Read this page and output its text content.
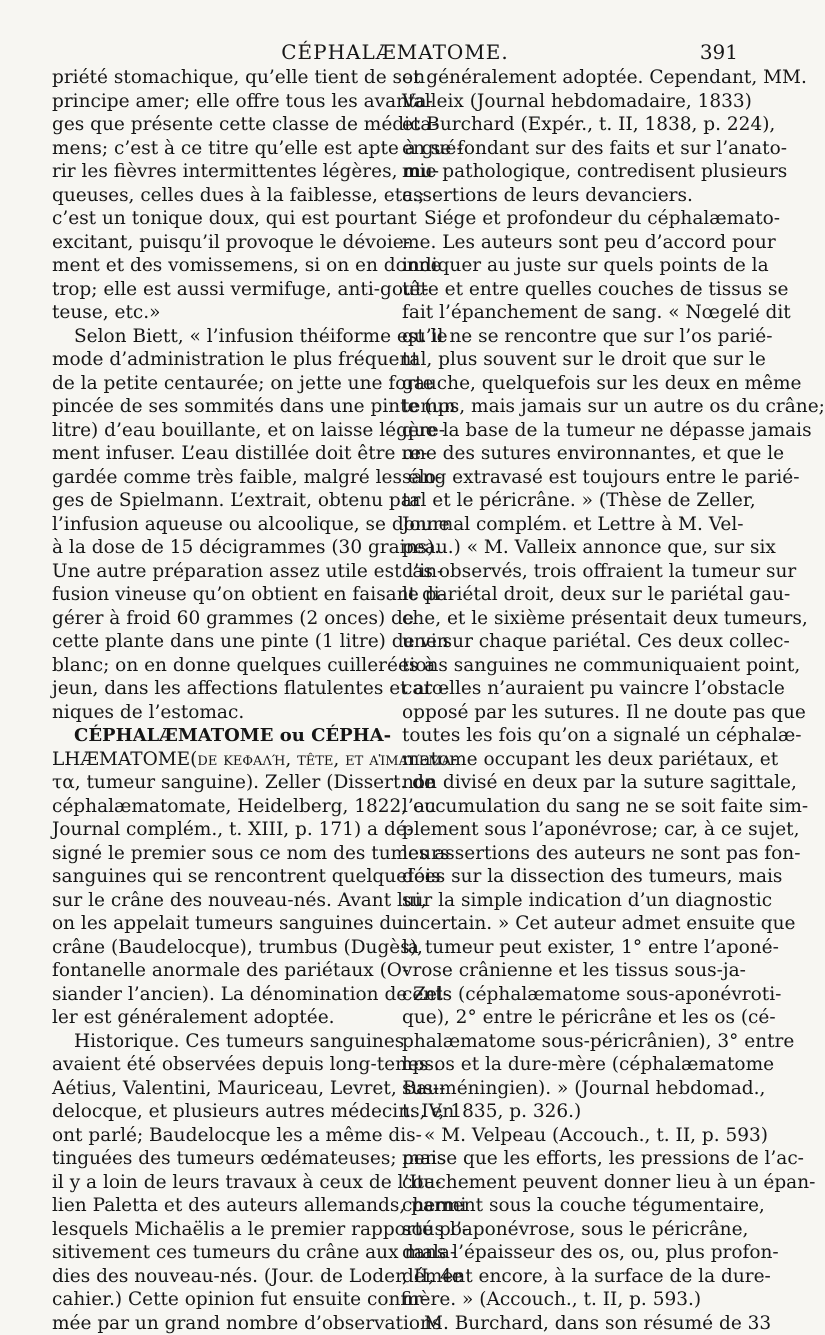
CÉPHALÆMATOME.	391
priété stomachique, qu’elle tient de son
principe amer; elle offre tous les avanta-
ges que présente cette classe de médica-
mens; c’est à ce titre qu’elle est apte à gué-
rir les fièvres intermittentes légères, mu-
queuses, celles dues à la faiblesse, etc.;
c’est un tonique doux, qui est pourtant
excitant, puisqu’il provoque le dévoie-
ment et des vomissemens, si on en donne
trop; elle est aussi vermifuge, anti-gout-
teuse, etc.»
Selon Biett, « l’infusion théiforme est le
mode d’administration le plus fréquent
de la petite centaurée; on jette une forte
pincée de ses sommités dans une pinte (un
litre) d’eau bouillante, et on laisse légère-
ment infuser. L’eau distillée doit être re-
gardée comme très faible, malgré les élo-
ges de Spielmann. L’extrait, obtenu par
l’infusion aqueuse ou alcoolique, se donne
à la dose de 15 décigrammes (30 grains).
Une autre préparation assez utile est l’in-
fusion vineuse qu’on obtient en faisant di-
gérer à froid 60 grammes (2 onces) de
cette plante dans une pinte (1 litre) de vin
blanc; on en donne quelques cuillerées à
jeun, dans les affections flatulentes et ato-
niques de l’estomac.
CÉPHALÆMATOME ou CÉPHA-
LHÆMATOME(de κεφαλή, tête, et αἱματέμα-
τα, tumeur sanguine). Zeller (Dissert. de
céphalæmatomate, Heidelberg, 1822, ou
Journal complém., t. XIII, p. 171) a dé-
signé le premier sous ce nom des tumeurs
sanguines qui se rencontrent quelquefois
sur le crâne des nouveau-nés. Avant lui,
on les appelait tumeurs sanguines du
crâne (Baudelocque), trumbus (Dugès),
fontanelle anormale des pariétaux (O-
siander l’ancien). La dénomination de Zel-
ler est généralement adoptée.
Historique. Ces tumeurs sanguines
avaient été observées depuis long-temps.
Aétius, Valentini, Mauriceau, Levret, Bau-
delocque, et plusieurs autres médecins, en
ont parlé; Baudelocque les a même dis-
tinguées des tumeurs œdémateuses; mais
il y a loin de leurs travaux à ceux de l’Ita-
lien Paletta et des auteurs allemands, parmi
lesquels Michaëlis a le premier rapporté po-
sitivement ces tumeurs du crâne aux mala-
dies des nouveau-nés. (Jour. de Loder, II, 4e
cahier.) Cette opinion fut ensuite confir-
mée par un grand nombre d’observations
et généralement adoptée. Cependant, MM.
Valleix (Journal hebdomadaire, 1833)
et Burchard (Expér., t. II, 1838, p. 224),
en se fondant sur des faits et sur l’anato-
mie pathologique, contredisent plusieurs
assertions de leurs devanciers.
Siége et profondeur du céphalæmato-
me. Les auteurs sont peu d’accord pour
indiquer au juste sur quels points de la
tête et entre quelles couches de tissus se
fait l’épanchement de sang. « Nœgelé dit
qu’il ne se rencontre que sur l’os parié-
tal, plus souvent sur le droit que sur le
gauche, quelquefois sur les deux en même
temps, mais jamais sur un autre os du crâne;
que la base de la tumeur ne dépasse jamais
une des sutures environnantes, et que le
sang extravasé est toujours entre le parié-
tal et le péricrâne. » (Thèse de Zeller,
Journal complém. et Lettre à M. Vel-
peau.) « M. Valleix annonce que, sur six
cas observés, trois offraient la tumeur sur
le pariétal droit, deux sur le pariétal gau-
che, et le sixième présentait deux tumeurs,
une sur chaque pariétal. Ces deux collec-
tions sanguines ne communiquaient point,
car elles n’auraient pu vaincre l’obstacle
opposé par les sutures. Il ne doute pas que
toutes les fois qu’on a signalé un céphalæ-
matome occupant les deux pariétaux, et
non divisé en deux par la suture sagittale,
l’accumulation du sang ne se soit faite sim-
plement sous l’aponévrose; car, à ce sujet,
les assertions des auteurs ne sont pas fon-
dées sur la dissection des tumeurs, mais
sur la simple indication d’un diagnostic
incertain. » Cet auteur admet ensuite que
la tumeur peut exister, 1° entre l’aponé-
vrose crânienne et les tissus sous-ja-
cents (céphalæmatome sous-aponévroti-
que), 2° entre le péricrâne et les os (cé-
phalæmatome sous-péricrânien), 3° entre
les os et la dure-mère (céphalæmatome
sus-méningien). » (Journal hebdomad.,
t. IV, 1835, p. 326.)
« M. Velpeau (Accouch., t. II, p. 593)
pense que les efforts, les pressions de l’ac-
couchement peuvent donner lieu à un épan-
chement sous la couche tégumentaire,
sous l’aponévrose, sous le péricrâne,
dans l’épaisseur des os, ou, plus profon-
dément encore, à la surface de la dure-
mère. » (Accouch., t. II, p. 593.)
M. Burchard, dans son résumé de 33
